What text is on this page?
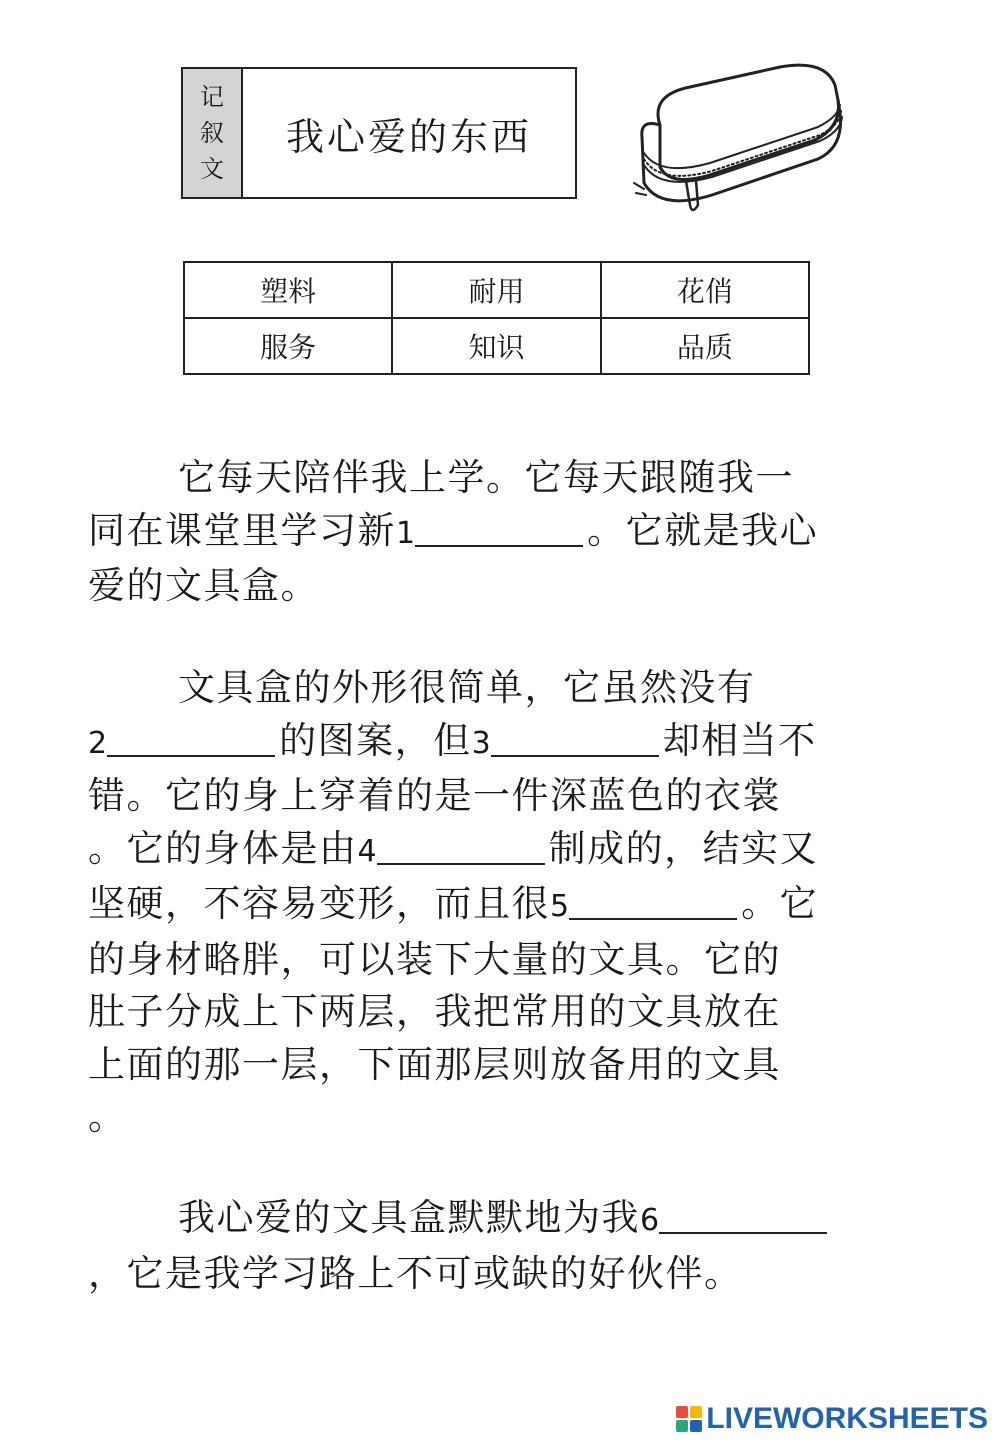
记
叙
文
我心爱的东西
塑料	耐用	花俏
服务	知识	品质
它每天陪伴我上学。它每天跟随我一
同在课堂里学习新1	。它就是我心
爱的文具盒。
文具盒的外形很简单，它虽然没有
2	的图案，但3	却相当不
错。它的身上穿着的是一件深蓝色的衣裳
。它的身体是由4	制成的，结实又
坚硬，不容易变形，而且很5	。它
的身材略胖，可以装下大量的文具。它的
肚子分成上下两层，我把常用的文具放在
上面的那一层，下面那层则放备用的文具
。
我心爱的文具盒默默地为我6
，它是我学习路上不可或缺的好伙伴。
LIVEWORKSHEETS
